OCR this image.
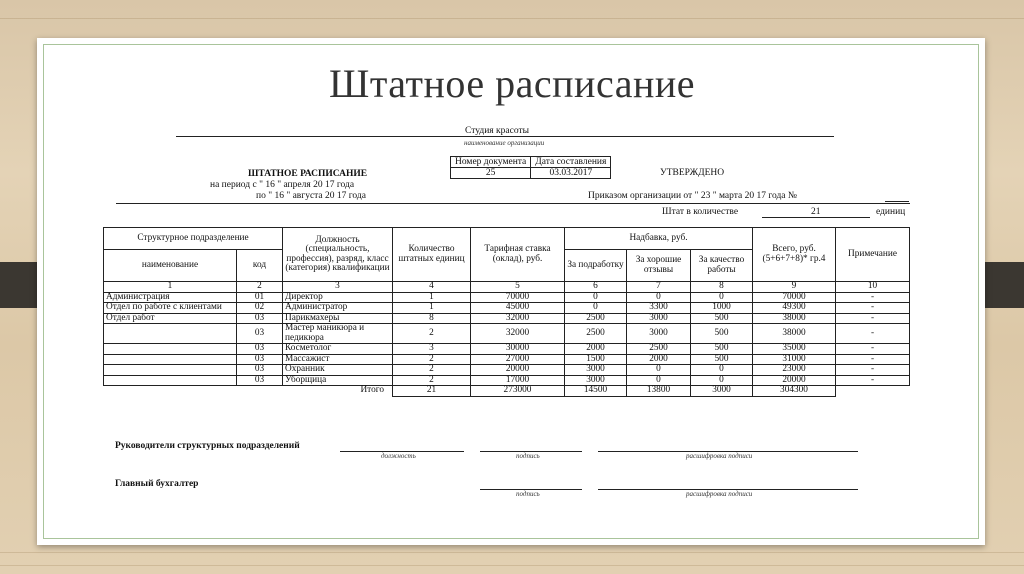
Штатное расписание
Студия красоты
наименование организации
Номер документа	Дата составления
25	03.03.2017
ШТАТНОЕ РАСПИСАНИЕ	УТВЕРЖДЕНО
на период с " 16 " апреля 20 17 года
по " 16 " августа 20 17 года	Приказом организации от " 23 " марта 20 17 года №
Штат в количестве	21	единиц
Структурное подразделение		Должность (специальность, профессия), разряд, класс (категория) квалификации	Количество штатных единиц	Тарифная ставка (оклад), руб.	Надбавка, руб.			Всего, руб. (5+6+7+8)* гр.4	Примечание
наименование	код				За подработку	За хорошие отзывы	За качество работы		
1	2	3	4	5	6	7	8	9	10
Администрация	01	Директор	1	70000	0	0	0	70000	-
Отдел по работе с клиентами	02	Администратор	1	45000	0	3300	1000	49300	-
Отдел работ	03	Парикмахеры	8	32000	2500	3000	500	38000	-
	03	Мастер маникюра и педикюра	2	32000	2500	3000	500	38000	-
	03	Косметолог	3	30000	2000	2500	500	35000	-
	03	Массажист	2	27000	1500	2000	500	31000	-
	03	Охранник	2	20000	3000	0	0	23000	-
	03	Уборщица	2	17000	3000	0	0	20000	-
Итого			21	273000	14500	13800	3000	304300	
Руководители структурных подразделений
должность	подпись	расшифровка подписи
Главный бухгалтер
подпись	расшифровка подписи
